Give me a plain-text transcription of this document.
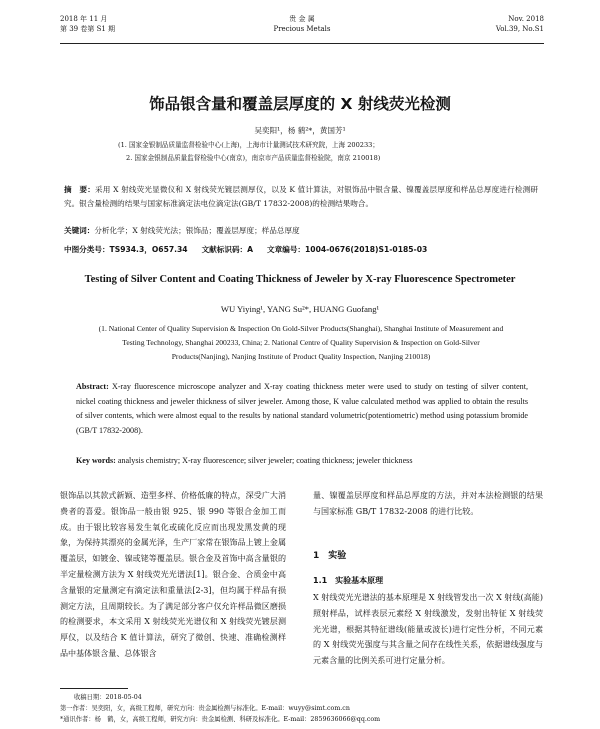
2018 年 11 月
第 39 卷第 S1 期
贵 金 属
Precious Metals
Nov. 2018
Vol.39, No.S1
饰品银含量和覆盖层厚度的 X 射线荧光检测
吴奕阳¹，杨 鹤²*，黄国芳¹
(1. 国家金银制品质量监督检验中心(上海)，上海市计量测试技术研究院，上海 200233；
2. 国家金银制品质量监督检验中心(南京)，南京市产品质量监督检验院，南京 210018)
摘　要：采用 X 射线荧光显微仪和 X 射线荧光镀层测厚仪，以及 K 值计算法，对银饰品中银含量、镍覆盖层厚度和样品总厚度进行检测研究。银含量检测的结果与国家标准滴定法电位滴定法(GB/T 17832-2008)的检测结果吻合。
关键词：分析化学；X 射线荧光法；银饰品；覆盖层厚度；样品总厚度
中图分类号：TS934.3，O657.34 文献标识码：A 文章编号：1004-0676(2018)S1-0185-03
Testing of Silver Content and Coating Thickness of Jeweler by X-ray Fluorescence Spectrometer
WU Yiying¹, YANG Su²*, HUANG Guofang¹
(1. National Center of Quality Supervision & Inspection On Gold-Silver Products(Shanghai), Shanghai Institute of Measurement and
Testing Technology, Shanghai 200233, China; 2. National Centre of Quality Supervision & Inspection on Gold-Silver
Products(Nanjing), Nanjing Institute of Product Quality Inspection, Nanjing 210018)
Abstract: X-ray fluorescence microscope analyzer and X-ray coating thickness meter were used to study on testing of silver content, nickel coating thickness and jeweler thickness of silver jeweler. Among those, K value calculated method was applied to obtain the results of silver contents, which were almost equal to the results by national standard volumetric(potentiometric) method using potassium bromide (GB/T 17832-2008).
Key words: analysis chemistry; X-ray fluorescence; silver jeweler; coating thickness; jeweler thickness
银饰品以其款式新颖、造型多样、价格低廉的特点，深受广大消费者的喜爱。银饰品一般由银 925、银 990 等银合金加工而成。由于银比较容易发生氧化或硫化反应而出现发黑发黄的现象，为保持其漂亮的金属光泽，生产厂家常在银饰品上镀上金属覆盖层，如镀金、镍或铑等覆盖层。银合金及首饰中高含量银的半定量检测方法为 X 射线荧光光谱法[1]。银合金、合质金中高含量银的定量测定有滴定法和重量法[2-3]，但均属于样品有损测定方法，且周期较长。为了满足部分客户仅允许样品微区磨损的检测要求，本文采用 X 射线荧光光谱仪和 X 射线荧光镀层测厚仪，以及结合 K 值计算法，研究了微创、快速、准确检测样品中基体银含量、总体银含
量、镍覆盖层厚度和样品总厚度的方法，并对本法检测银的结果与国家标准 GB/T 17832-2008 的进行比较。
1　实验
1.1　实验基本原理
X 射线荧光光谱法的基本原理是 X 射线管发出一次 X 射线(高能)照射样品，试样表层元素经 X 射线激发，发射出特征 X 射线荧光光谱，根据其特征谱线(能量或波长)进行定性分析，不同元素的 X 射线荧光强度与其含量之间存在线性关系，依据谱线强度与元素含量的比例关系可进行定量分析。
收稿日期：2018-05-04
第一作者：吴奕阳，女，高级工程师，研究方向：贵金属检测与标准化。E-mail：wuyy@simt.com.cn
*通讯作者：杨　鹤，女，高级工程师，研究方向：贵金属检测、科研及标准化。E-mail：2859636066@qq.com
